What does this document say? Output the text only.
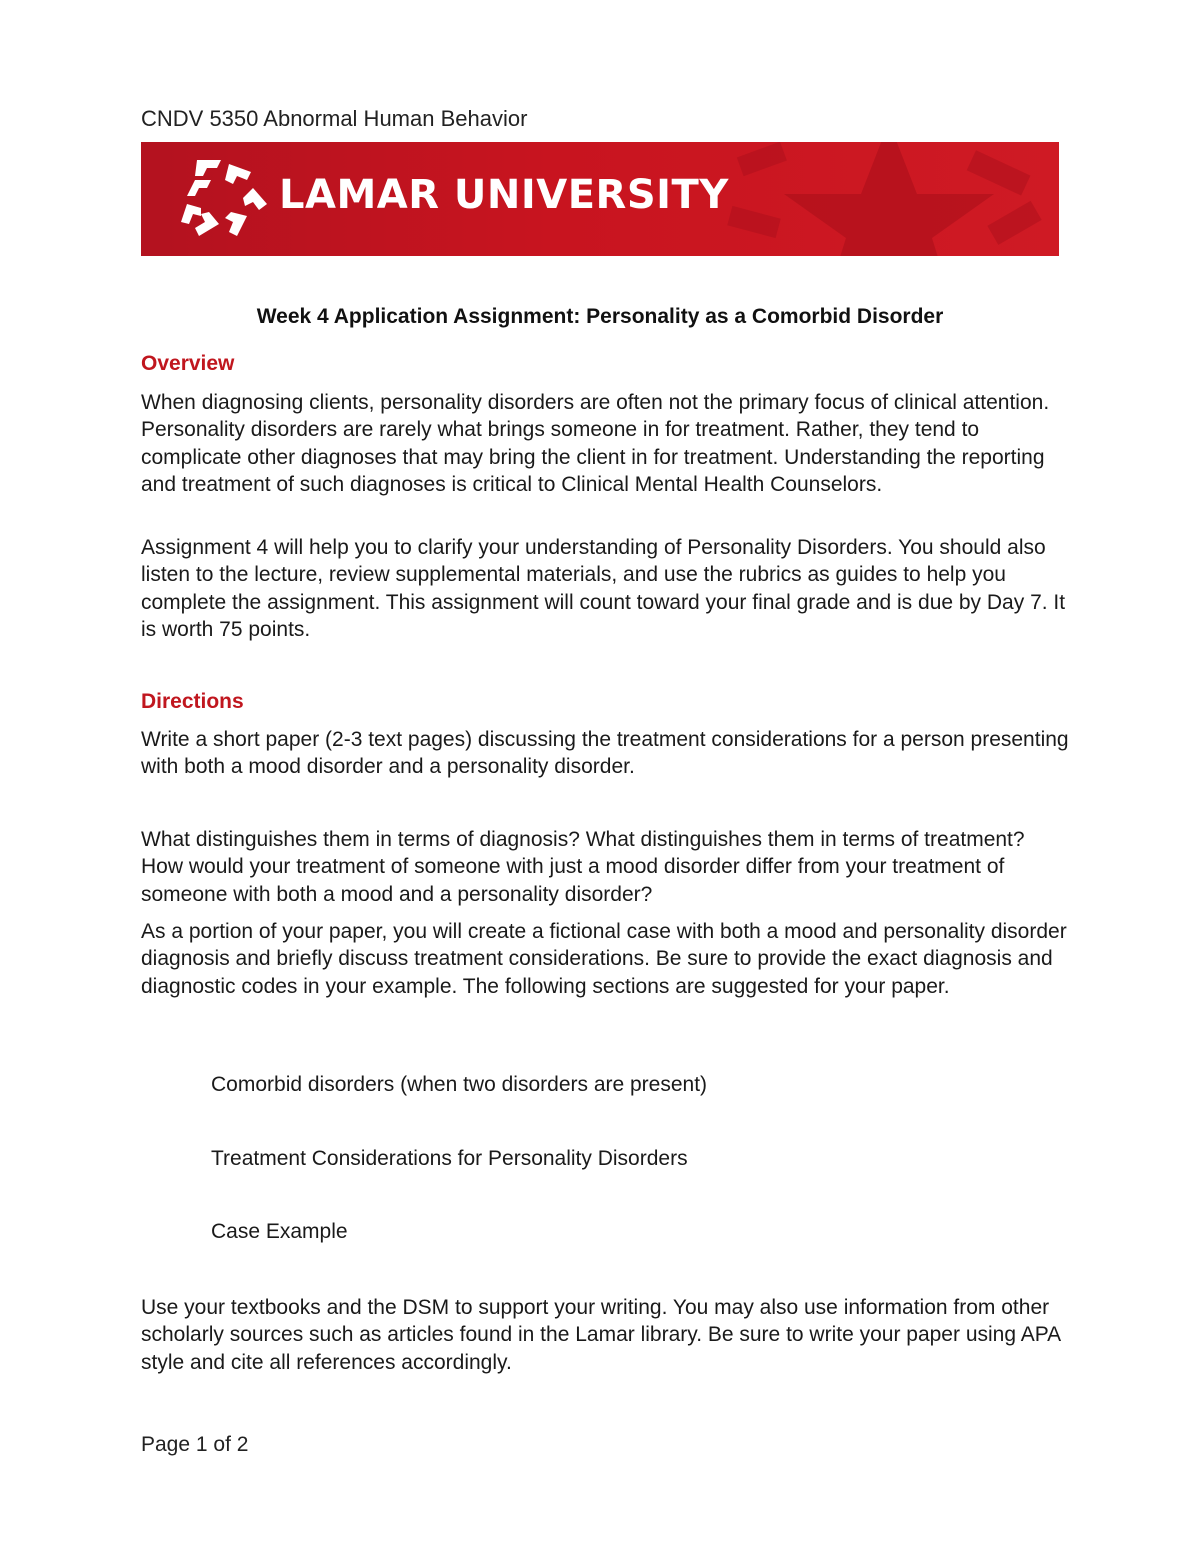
CNDV 5350 Abnormal Human Behavior
LAMAR UNIVERSITY
Week 4 Application Assignment: Personality as a Comorbid Disorder
Overview

When diagnosing clients, personality disorders are often not the primary focus of clinical attention. Personality disorders are rarely what brings someone in for treatment. Rather, they tend to complicate other diagnoses that may bring the client in for treatment. Understanding the reporting and treatment of such diagnoses is critical to Clinical Mental Health Counselors.

Assignment 4 will help you to clarify your understanding of Personality Disorders. You should also listen to the lecture, review supplemental materials, and use the rubrics as guides to help you complete the assignment. This assignment will count toward your final grade and is due by Day 7. It is worth 75 points.

Directions

Write a short paper (2-3 text pages) discussing the treatment considerations for a person presenting with both a mood disorder and a personality disorder.

What distinguishes them in terms of diagnosis? What distinguishes them in terms of treatment? How would your treatment of someone with just a mood disorder differ from your treatment of someone with both a mood and a personality disorder?

As a portion of your paper, you will create a fictional case with both a mood and personality disorder diagnosis and briefly discuss treatment considerations. Be sure to provide the exact diagnosis and diagnostic codes in your example. The following sections are suggested for your paper.

Comorbid disorders (when two disorders are present)
Treatment Considerations for Personality Disorders
Case Example

Use your textbooks and the DSM to support your writing. You may also use information from other scholarly sources such as articles found in the Lamar library. Be sure to write your paper using APA style and cite all references accordingly.

Page 1 of 2
